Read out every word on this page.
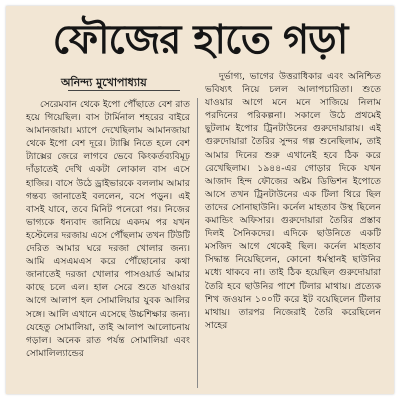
ফৌজের হাতে গড়া
অনিন্দ্য মুখোপাধ্যায়

সেরেমবান থেকে ইপো পৌঁছাতে বেশ রাত হয়ে গিয়েছিল। বাস টার্মিনাল শহরের বাইরে আমানজায়া। ম্যাপে দেখেছিলাম আমানজায়া থেকে ইপো বেশ দূরে। ট্যাক্সি নিতে হলে বেশ ট্যাক্সের জেরে লাগবে ভেবে কিংকর্তব্যবিমূঢ় দাঁড়াতেই দেখি একটা লোকাল বাস এসে হাজির। বাসে উঠে ড্রাইভারকে বললাম আমার গন্তব্য জানাতেই বললেন, বসে পড়ুন। এই বাসই যাবে, তবে মিনিট পনেরো পর। নিজের ভাগ্যকে ধন্যবাদ জানিয়ে একদম পর যখন হস্টেলের দরজায় এসে পৌঁছলাম তখন টিউটি দেরিত আমার ঘরে দরজা খোলার জন্য। আমি এসএমএস করে পৌঁছোনোর কথা জানাতেই দরজা খোলার পাসওয়ার্ড আমার কাছে চলে এল। হাল সেরে শুতে যাওয়ার আগে আলাপ হল সোমালিয়ার যুবক আলির সঙ্গে। আলি এখানে এসেছে উচ্চশিক্ষার জন্য। যেহেতু সোমালিয়া, তাই আলাপ আলোচনায় গড়াল। অনেক রাত পর্যন্ত সোমালিয়া এবং সোমালিল্যান্ডের

দুর্ভাগ্য, ভাগের উত্তরাধিকার এবং অনিশ্চিত ভবিষ্যৎ নিয়ে চলল আলাপচারিতা। শুতে যাওয়ার আগে মনে মনে সাজিয়ে নিলাম পরদিনের পরিকল্পনা। সকালে উঠে প্রথমেই ছুটলাম ইপোর ট্রিনটাউনের গুরুদোয়ারায়। এই গুরুদোয়ারা তৈরির সুন্দর গল্প শুনেছিলাম, তাই আমার দিনের শুরু এখানেই হবে ঠিক করে রেখেছিলাম। ১৯৪৪-এর গোড়ার দিকে যখন আজাদ হিন্দ ফৌজের অষ্টম ডিভিশন ইপোতে আসে তখন ট্রিনটাউনের এক টিলা থিরে ছিল তাদের সোনাছাউনি। কর্নেল মাহতাব উস্থ ছিলেন কমান্ডিং অফিসার। গুরুদোয়ারা তৈরির প্রস্তাব দিলই সৈনিকদের। এদিকে ছাউনিতে একটি মসজিদ আগে থেকেই ছিল। কর্নেল মাহতাব সিদ্ধান্ত নিয়েছিলেন, কোনো ধর্মস্থানই ছাউনির মধ্যে থাকবে না। তাই ঠিক হয়েছিল গুরুদোয়ারা তৈরি হবে ছাউনির পাশে টিলার মাথায়। প্রত্যেক শিখ জওয়ান ১০০টি করে ইট বয়েছিলেন টিলার মাথায়। তারপর নিজেরাই তৈরি করেছিলেন সাহের
